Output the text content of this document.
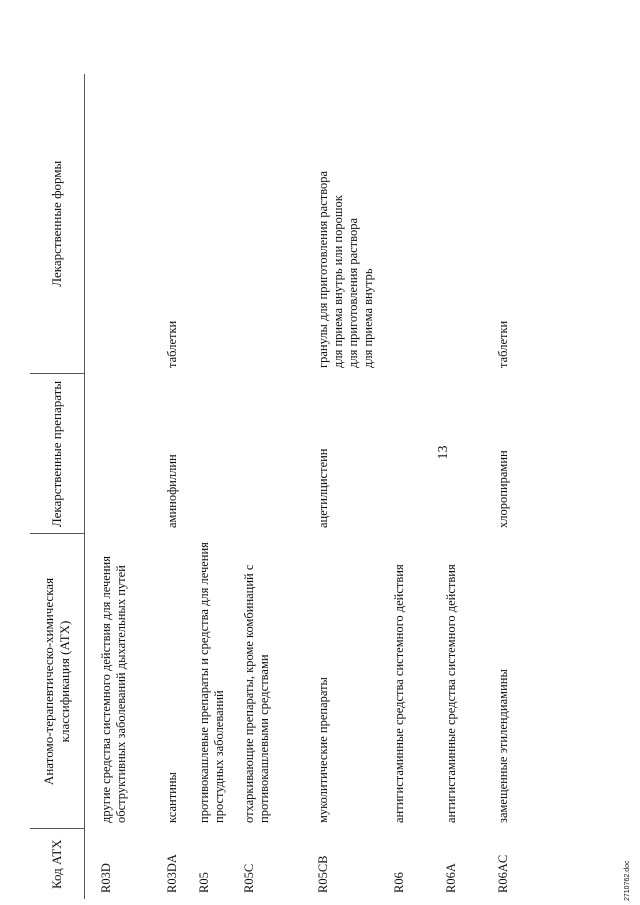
Код АТХ	Анатомо-терапевтическо-химическая классификация (АТХ)	Лекарственные препараты	Лекарственные формы
R03D	другие средства системного действия для лечения обструктивных заболеваний дыхательных путей		
R03DA	ксантины	аминофиллин	таблетки
R05	противокашлевые препараты и средства для лечения простудных заболеваний		
R05C	отхаркивающие препараты, кроме комбинаций с противокашлевыми средствами		
R05CB	муколитические препараты	ацетилцистеин	гранулы для приготовления раствора
для приема внутрь или порошок
для приготовления раствора
для приема внутрь
R06	антигистаминные средства системного действия		
R06A	антигистаминные средства системного действия		
R06AC	замещенные этилендиамины	хлоропирамин	таблетки
13
2710762.doc
